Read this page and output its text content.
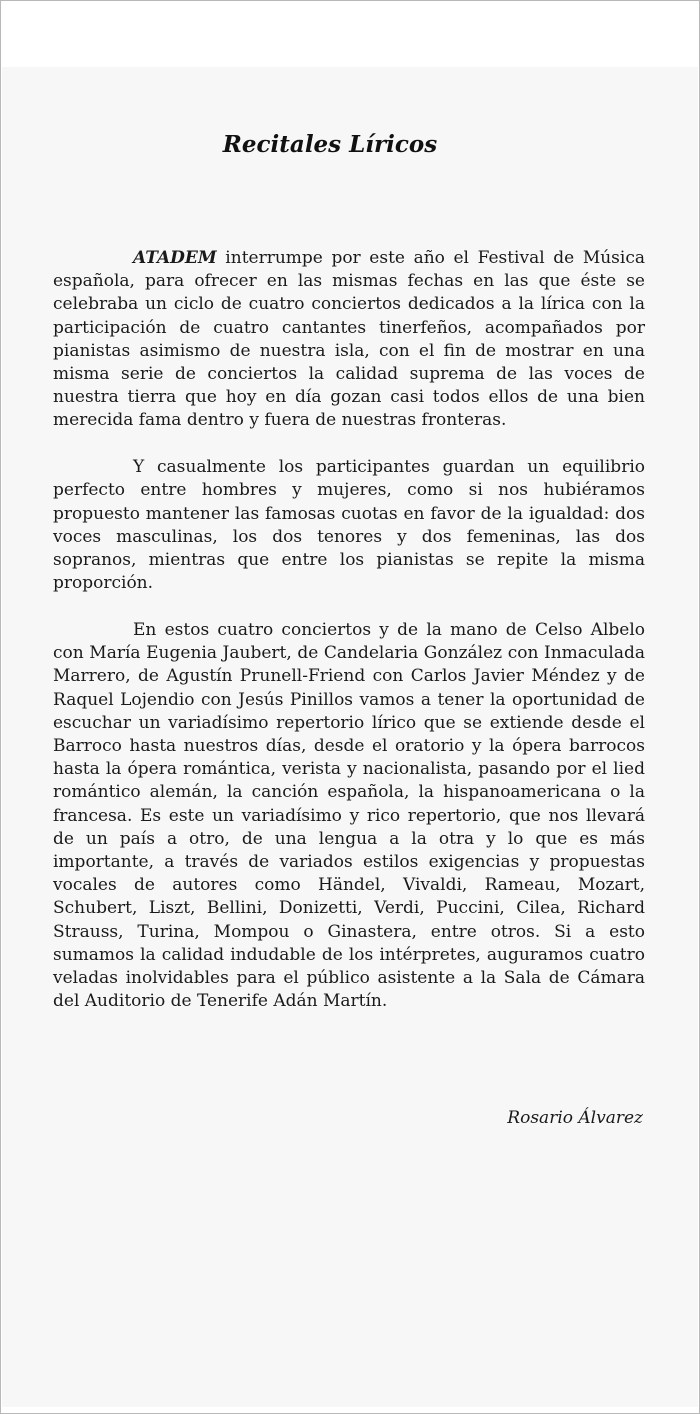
Recitales Líricos

ATADEM interrumpe por este año el Festival de Música española, para ofrecer en las mismas fechas en las que éste se celebraba un ciclo de cuatro conciertos dedicados a la lírica con la participación de cuatro cantantes tinerfeños, acompañados por pianistas asimismo de nuestra isla, con el fin de mostrar en una misma serie de conciertos la calidad suprema de las voces de nuestra tierra que hoy en día gozan casi todos ellos de una bien merecida fama dentro y fuera de nuestras fronteras.

Y casualmente los participantes guardan un equilibrio perfecto entre hombres y mujeres, como si nos hubiéramos propuesto mantener las famosas cuotas en favor de la igualdad: dos voces masculinas, los dos tenores y dos femeninas, las dos sopranos, mientras que entre los pianistas se repite la misma proporción.

En estos cuatro conciertos y de la mano de Celso Albelo con María Eugenia Jaubert, de Candelaria González con Inmaculada Marrero, de Agustín Prunell-Friend con Carlos Javier Méndez y de Raquel Lojendio con Jesús Pinillos vamos a tener la oportunidad de escuchar un variadísimo repertorio lírico que se extiende desde el Barroco hasta nuestros días, desde el oratorio y la ópera barrocos hasta la ópera romántica, verista y nacionalista, pasando por el lied romántico alemán, la canción española, la hispanoamericana o la francesa. Es este un variadísimo y rico repertorio, que nos llevará de un país a otro, de una lengua a la otra y lo que es más importante, a través de variados estilos exigencias y propuestas vocales de autores como Händel, Vivaldi, Rameau, Mozart, Schubert, Liszt, Bellini, Donizetti, Verdi, Puccini, Cilea, Richard Strauss, Turina, Mompou o Ginastera, entre otros. Si a esto sumamos la calidad indudable de los intérpretes, auguramos cuatro veladas inolvidables para el público asistente a la Sala de Cámara del Auditorio de Tenerife Adán Martín.

Rosario Álvarez
